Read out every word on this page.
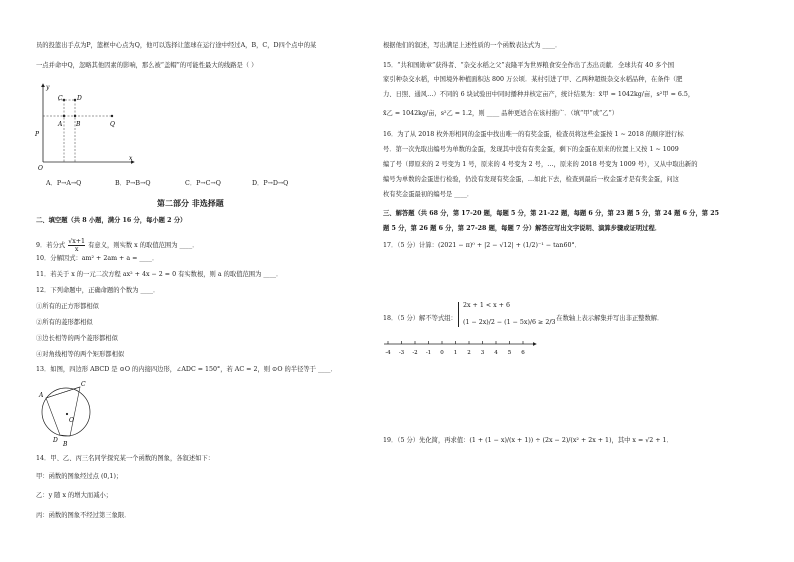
员的投篮出手点为P，篮框中心点为Q，他可以选择让篮球在运行途中经过A，B，C，D四个点中的某
一点并命中Q，忽略其他因素的影响，那么被“盖帽”的可能性最大的线路是（ ）
y
x
O
P
Q
C D
A B
A．P→A→Q	B．P→B→Q	C．P→C→Q	D．P→D→Q
第二部分 非选择题
二、填空题（共 8 小题，满分 16 分，每小题 2 分）
9．若分式 $\frac{√x+1}{x}$ 有意义，则实数 x 的取值范围为 ____．
10．分解因式：am² + 2am + a = ____．
11．若关于 x 的一元二次方程 ax² + 4x − 2 = 0 有实数根，则 a 的取值范围为 ____．
12．下列命题中，正确命题的个数为 ____．
①所有的正方形都相似
②所有的菱形都相似
③边长相等的两个菱形都相似
④对角线相等的两个矩形都相似
13．如图，四边形 ABCD 是 ⊙O 的内接四边形，∠ADC = 150°，若 AC = 2，则 ⊙O 的半径等于 ____．
A
C
B
D
O
14．甲、乙、丙三名同学探究某一个函数的图象，各叙述如下：
甲：函数的图象经过点 (0,1)；
乙：y 随 x 的增大而减小；
丙：函数的图象不经过第三象限．
根据他们的叙述，写出满足上述性质的一个函数表达式为 ____．
15．“共和国勋章”获得者、“杂交水稻之父”袁隆平为世界粮食安全作出了杰出贡献．全球共有 40 多个国
家引种杂交水稻，中国境外种植面积达 800 万公顷．某村引进了甲、乙两种超级杂交水稻品种，在条件（肥
力、日照、通风…）不同的 6 块试验田中同时播种并核定亩产，统计结果为：x̄甲 = 1042kg/亩，s²甲 = 6.5，
x̄乙 = 1042kg/亩，s²乙 = 1.2，则 ____ 品种更适合在该村推广．（填“甲”或“乙”）
16．为了从 2018 枚外形相同的金蛋中找出唯一的有奖金蛋，检查员将这些金蛋按 1 ~ 2018 的顺序进行标
号．第一次先取出编号为单数的金蛋，发现其中没有有奖金蛋，剩下的金蛋在原来的位置上又按 1 ~ 1009
编了号（即原来的 2 号变为 1 号，原来的 4 号变为 2 号，…，原来的 2018 号变为 1009 号），又从中取出新的
编号为单数的金蛋进行检验，仍没有发现有奖金蛋，…如此下去，检查到最后一枚金蛋才是有奖金蛋，问这
枚有奖金蛋最初的编号是 ____．
三、解答题（共 68 分，第 17-20 题，每题 5 分，第 21-22 题，每题 6 分，第 23 题 5 分，第 24 题 6 分，第 25
题 5 分，第 26 题 6 分，第 27-28 题，每题 7 分）解答应写出文字说明、演算步骤或证明过程．
17．（5 分）计算：(2021 − π)⁰ + |2 − √12| + (1/2)⁻¹ − tan60°．
18．（5 分）解不等式组：
2x + 1 < x + 6
(1 − 2x)/2 − (1 − 5x)/6 ≥ 2/3
，在数轴上表示解集并写出非正整数解．
-4 -3 -2 -1 0 1 2 3 4 5 6
19．（5 分）先化简，再求值：(1 + (1 − x)/(x + 1)) ÷ (2x − 2)/(x² + 2x + 1)，其中 x = √2 + 1．
